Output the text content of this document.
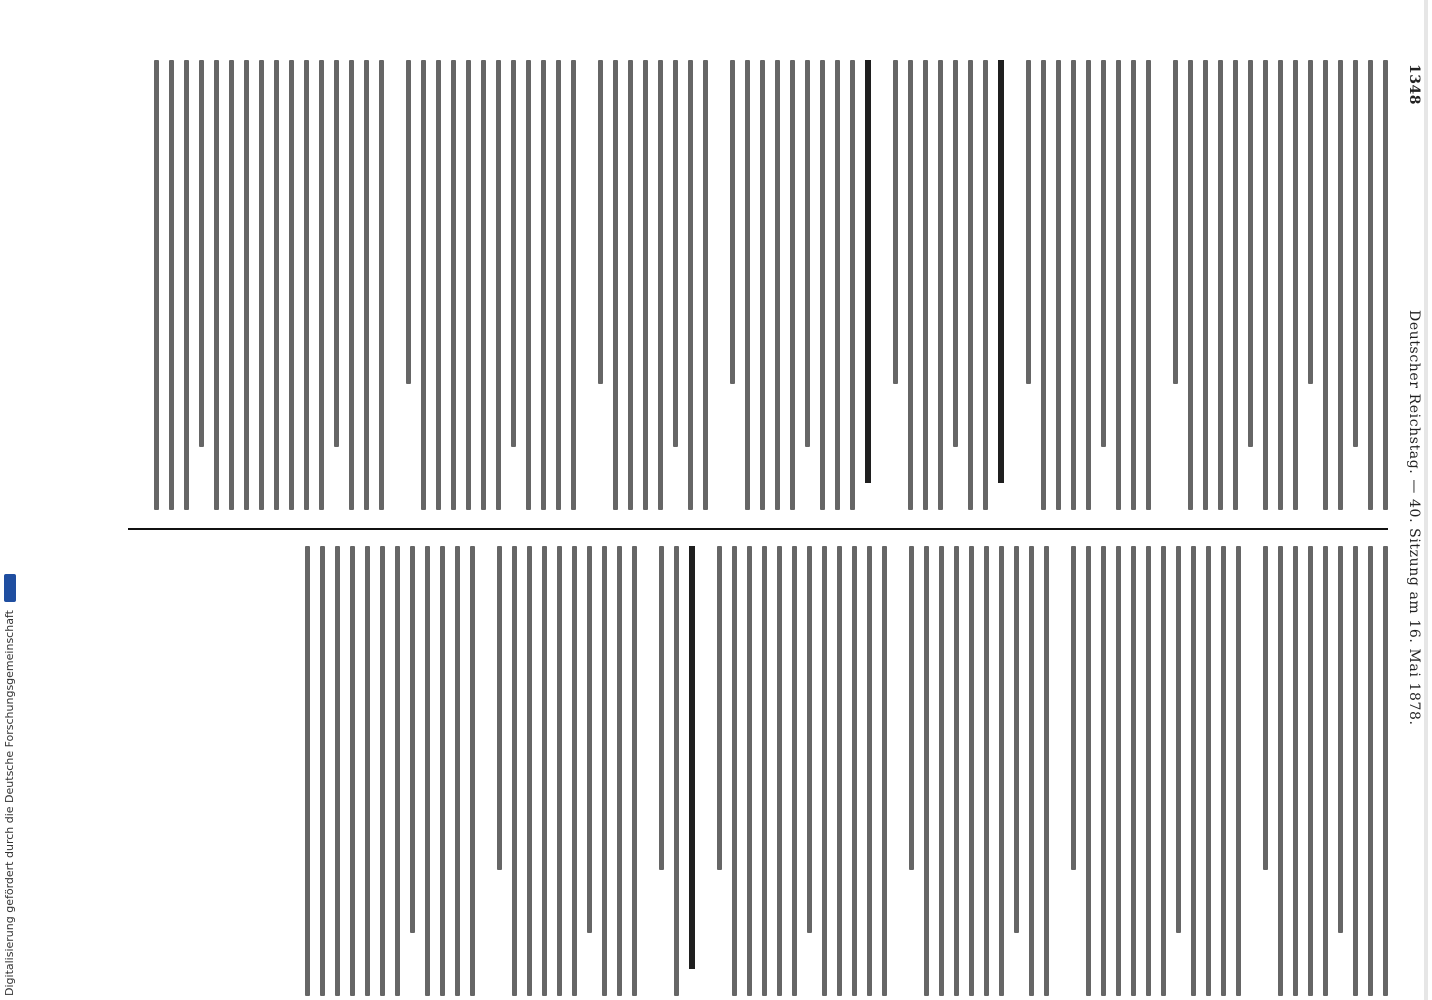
Digitalisierung gefördert durch die Deutsche Forschungsgemeinschaft
1348
Deutscher Reichstag. — 40. Sitzung am 16. Mai 1878.
